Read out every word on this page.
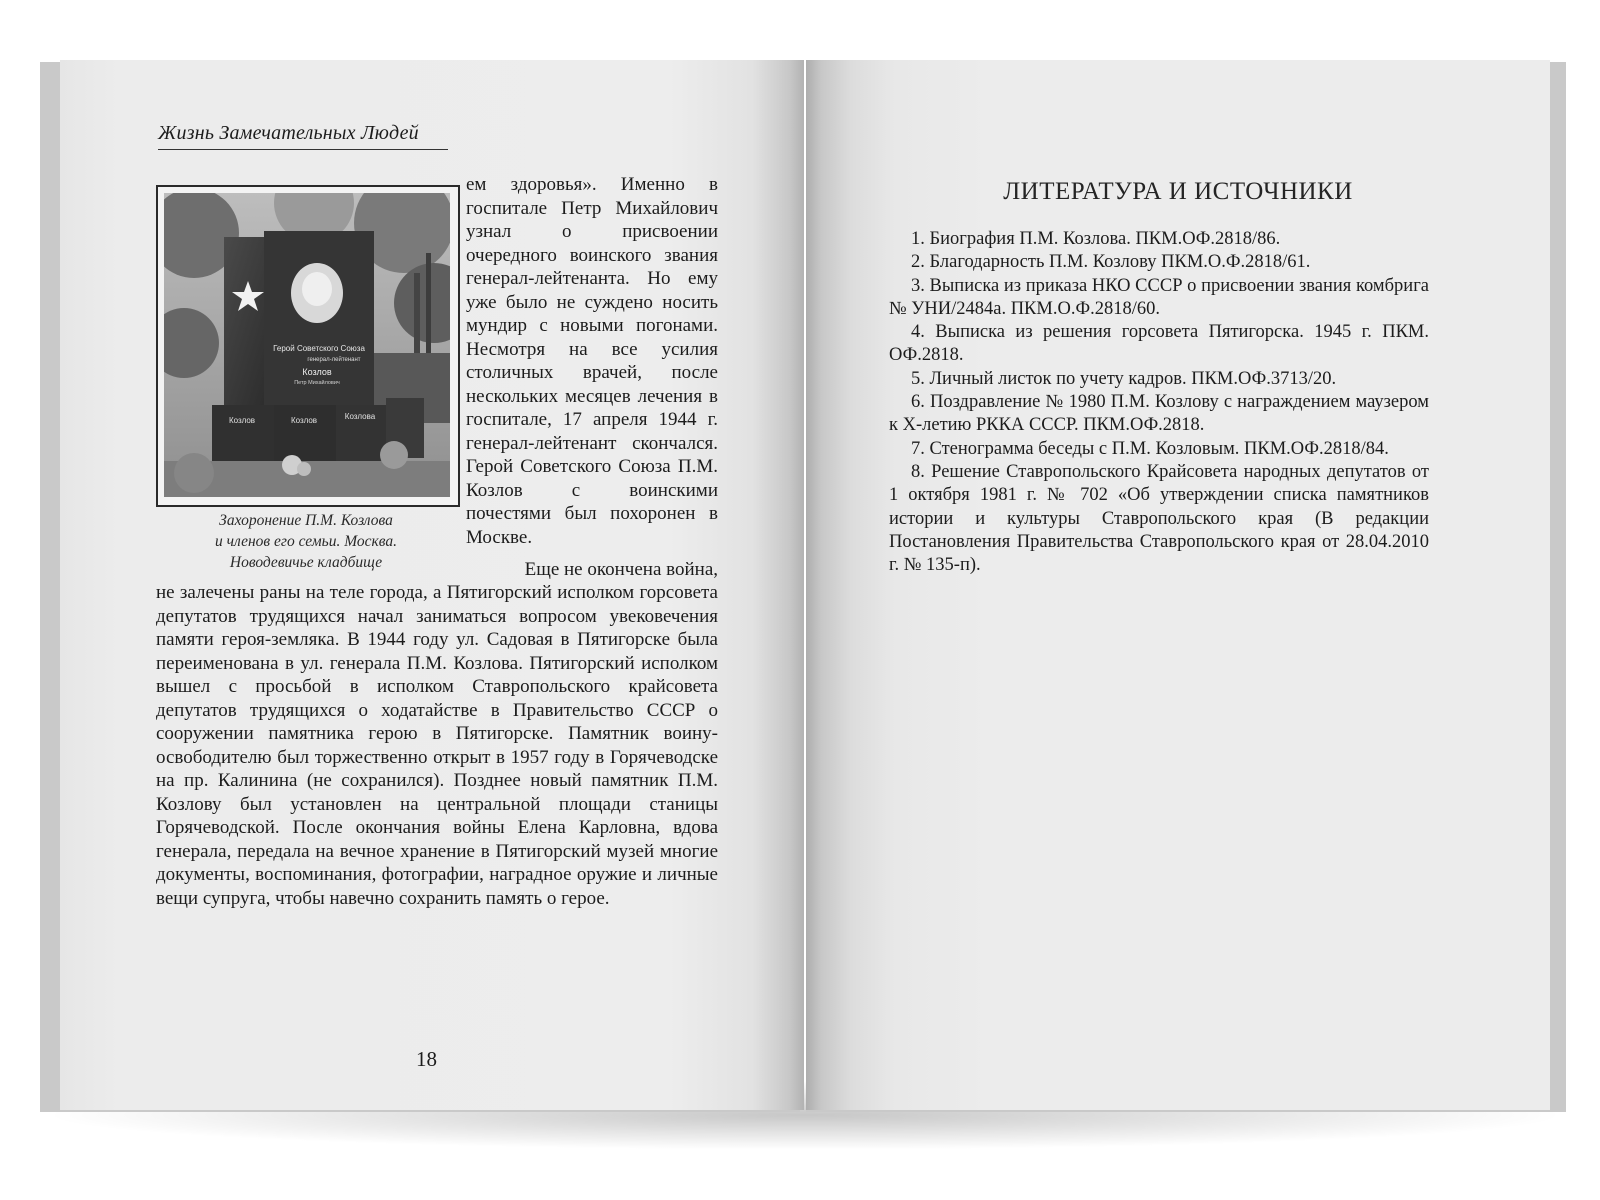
Жизнь Замечательных Людей
Герой Советского Союза
генерал-лейтенант
Козлов
Петр Михайлович
Козлов	Козлов	Козлова
Захоронение П.М. Козлова
и членов его семьи. Москва.
Новодевичье кладбище

ем здоровья». Именно в госпитале Петр Михайлович узнал о присвоении очередного воинского звания генерал-лейтенанта. Но ему уже было не суждено носить мундир с новыми погонами. Несмотря на все усилия столичных врачей, после нескольких месяцев лечения в госпитале, 17 апреля 1944 г. генерал-лейтенант скончался. Герой Советского Союза П.М. Козлов с воинскими почестями был похоронен в Москве.

Еще не окончена война,

не залечены раны на теле города, а Пятигорский исполком горсовета депутатов трудящихся начал заниматься вопросом увековечения памяти героя-земляка. В 1944 году ул. Садовая в Пятигорске была переименована в ул. генерала П.М. Козлова. Пятигорский исполком вышел с просьбой в исполком Ставропольского крайсовета депутатов трудящихся о ходатайстве в Правительство СССР о сооружении памятника герою в Пятигорске. Памятник воину-освободителю был торжественно открыт в 1957 году в Горячеводске на пр. Калинина (не сохранился). Позднее новый памятник П.М. Козлову был установлен на центральной площади станицы Горячеводской. После окончания войны Елена Карловна, вдова генерала, передала на вечное хранение в Пятигорский музей многие документы, воспоминания, фотографии, наградное оружие и личные вещи супруга, чтобы навечно сохранить память о герое.

18
ЛИТЕРАТУРА И ИСТОЧНИКИ

1. Биография П.М. Козлова. ПКМ.ОФ.2818/86.

2. Благодарность П.М. Козлову ПКМ.О.Ф.2818/61.

3. Выписка из приказа НКО СССР о присвоении звания комбрига № УНИ/2484а. ПКМ.О.Ф.2818/60.

4. Выписка из решения горсовета Пятигорска. 1945 г. ПКМ. ОФ.2818.

5. Личный листок по учету кадров. ПКМ.ОФ.3713/20.

6. Поздравление № 1980 П.М. Козлову с награждением маузером к X-летию РККА СССР. ПКМ.ОФ.2818.

7. Стенограмма беседы с П.М. Козловым. ПКМ.ОФ.2818/84.

8. Решение Ставропольского Крайсовета народных депутатов от 1 октября 1981 г. № 702 «Об утверждении списка памятников истории и культуры Ставропольского края (В редакции Постановления Правительства Ставропольского края от 28.04.2010 г. № 135-п).
